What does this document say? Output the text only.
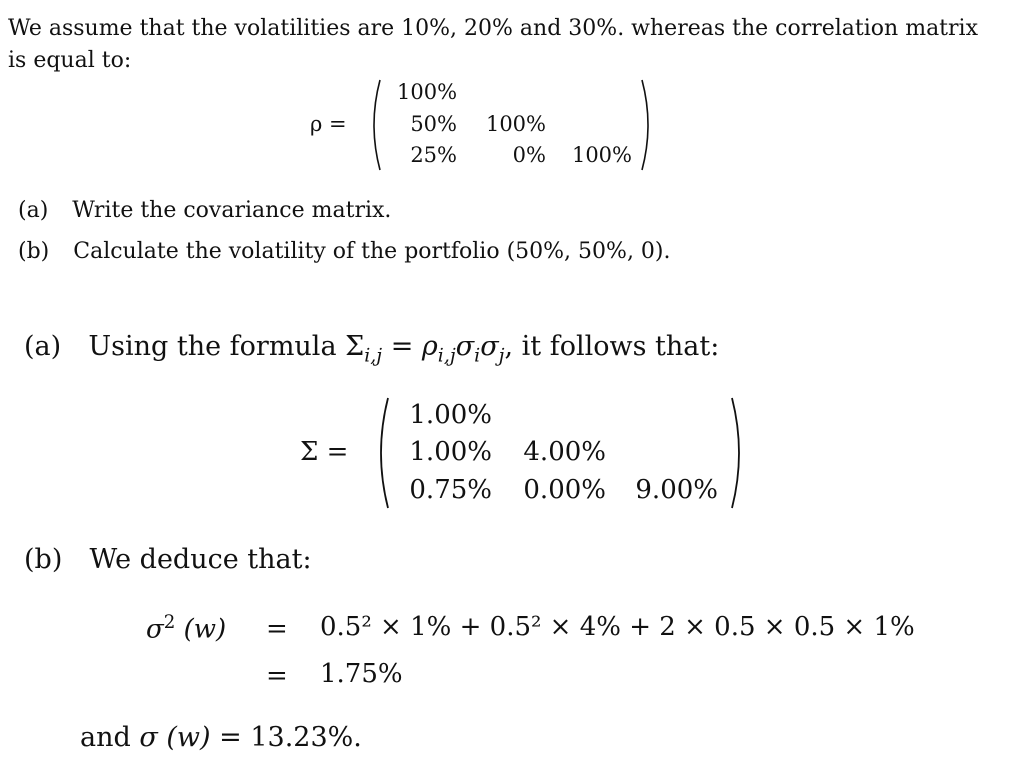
We assume that the volatilities are 10%, 20% and 30%. whereas the correlation matrix
is equal to:
ρ =
100%
50% 100%
25%	0%	100%
(a) Write the covariance matrix.
(b) Calculate the volatility of the portfolio (50%, 50%, 0).
(a) Using the formula $\Sigma_{i,j} = \rho_{i,j}\sigma_i\sigma_j$, it follows that:
Σ =
1.00%
1.00%	4.00%
0.75%	0.00%	9.00%
(b) We deduce that:
$\sigma^2$ (w) = 0.5² × 1% + 0.5² × 4% + 2 × 0.5 × 0.5 × 1%
= 1.75%
and σ (w) = 13.23%.
